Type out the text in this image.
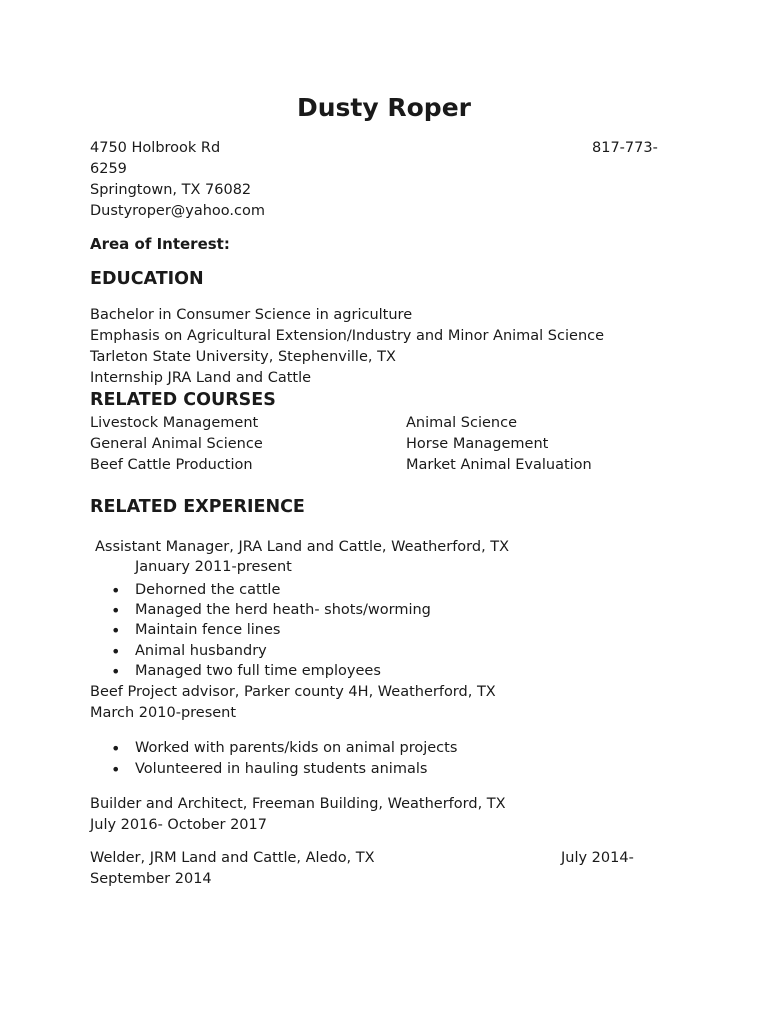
Dusty Roper
4750 Holbrook Rd	817-773-
6259
Springtown, TX 76082
Dustyroper@yahoo.com
Area of Interest:
EDUCATION
Bachelor in Consumer Science in agriculture
Emphasis on Agricultural Extension/Industry and Minor Animal Science
Tarleton State University, Stephenville, TX
Internship JRA Land and Cattle
RELATED COURSES
Livestock Management
General Animal Science
Beef Cattle Production
Animal Science
Horse Management
Market Animal Evaluation
RELATED EXPERIENCE
Assistant Manager, JRA Land and Cattle, Weatherford, TX
January 2011-present
• Dehorned the cattle
• Managed the herd heath- shots/worming
• Maintain fence lines
• Animal husbandry
• Managed two full time employees
Beef Project advisor, Parker county 4H, Weatherford, TX
March 2010-present
• Worked with parents/kids on animal projects
• Volunteered in hauling students animals
Builder and Architect, Freeman Building, Weatherford, TX
July 2016- October 2017
Welder, JRM Land and Cattle, Aledo, TX	July 2014-
September 2014
